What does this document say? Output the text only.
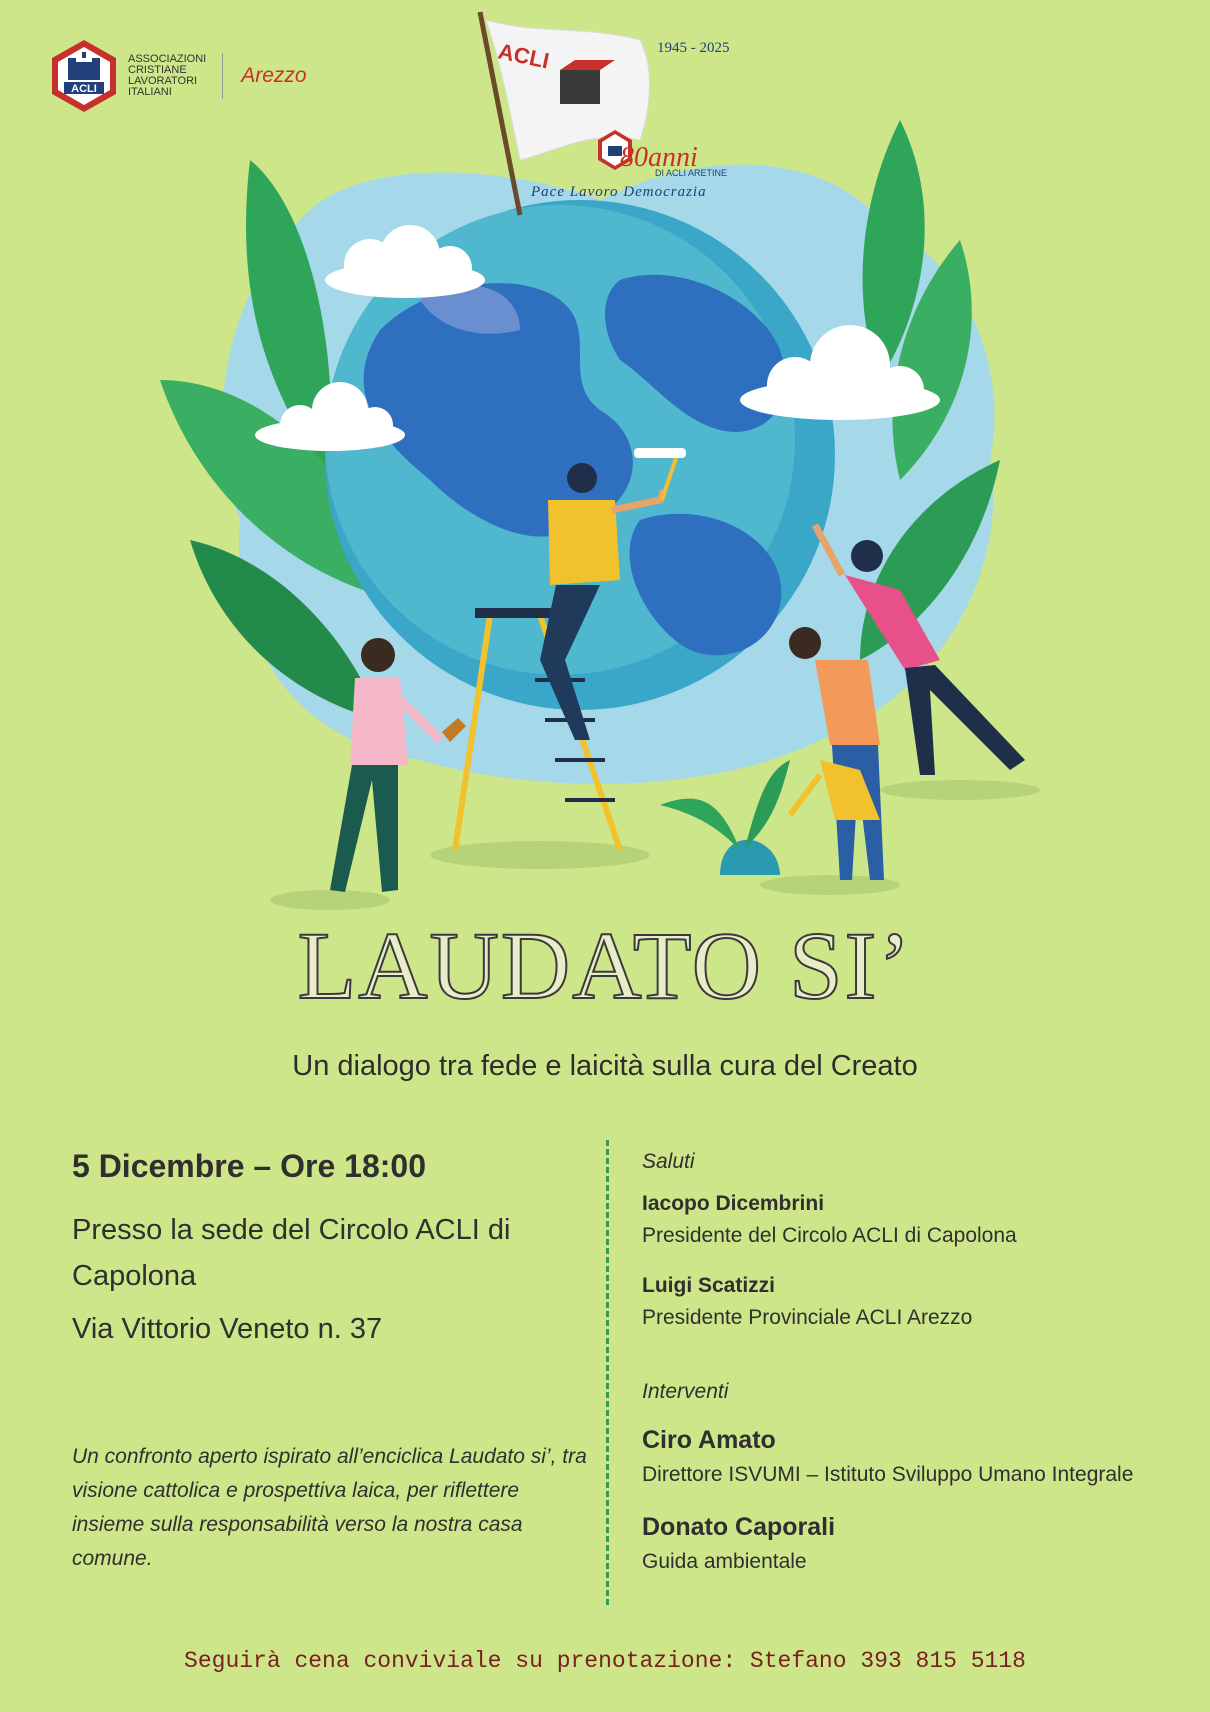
ACLI
ACLI
ASSOCIAZIONI
CRISTIANE
LAVORATORI
ITALIANI
Arezzo
1945 - 2025
80anni
DI ACLI ARETINE
Pace Lavoro Democrazia
LAUDATO SI’
Un dialogo tra fede e laicità sulla cura del Creato
5 Dicembre – Ore 18:00
Presso la sede del Circolo ACLI di Capolona
Via Vittorio Veneto n. 37
Un confronto aperto ispirato all’enciclica Laudato si’, tra visione cattolica e prospettiva laica, per riflettere insieme sulla responsabilità verso la nostra casa comune.
Saluti
Iacopo Dicembrini
Presidente del Circolo ACLI di Capolona
Luigi Scatizzi
Presidente Provinciale ACLI Arezzo
Interventi
Ciro Amato
Direttore ISVUMI – Istituto Sviluppo Umano Integrale
Donato Caporali
Guida ambientale
Seguirà cena conviviale su prenotazione: Stefano 393 815 5118
